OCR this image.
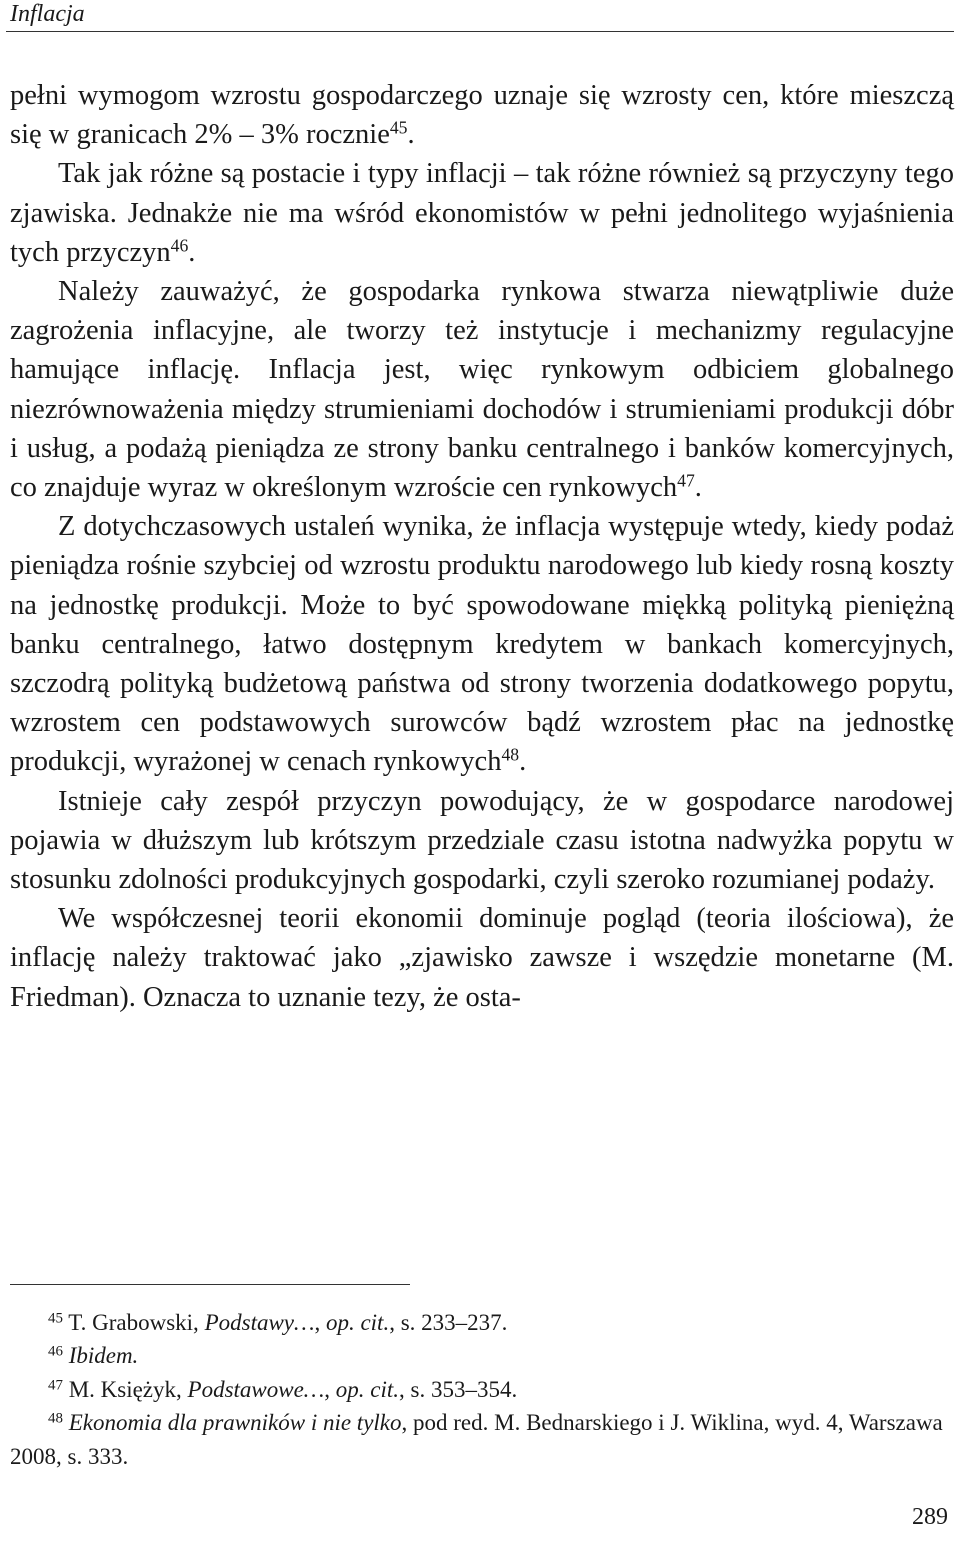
Inflacja

pełni wymogom wzrostu gospodarczego uznaje się wzrosty cen, które mieszczą się w granicach 2% – 3% rocznie$^{45}$.

Tak jak różne są postacie i typy inflacji – tak różne również są przyczyny tego zjawiska. Jednakże nie ma wśród ekonomistów w pełni jednolitego wyjaśnienia tych przyczyn$^{46}$.

Należy zauważyć, że gospodarka rynkowa stwarza niewątpliwie duże zagrożenia inflacyjne, ale tworzy też instytucje i mechanizmy regulacyjne hamujące inflację. Inflacja jest, więc rynkowym odbiciem globalnego niezrównoważenia między strumieniami dochodów i strumieniami produkcji dóbr i usług, a podażą pieniądza ze strony banku centralnego i banków komercyjnych, co znajduje wyraz w określonym wzroście cen rynkowych$^{47}$.

Z dotychczasowych ustaleń wynika, że inflacja występuje wtedy, kiedy podaż pieniądza rośnie szybciej od wzrostu produktu narodowego lub kiedy rosną koszty na jednostkę produkcji. Może to być spowodowane miękką polityką pieniężną banku centralnego, łatwo dostępnym kredytem w bankach komercyjnych, szczodrą polityką budżetową państwa od strony tworzenia dodatkowego popytu, wzrostem cen podstawowych surowców bądź wzrostem płac na jednostkę produkcji, wyrażonej w cenach rynkowych$^{48}$.

Istnieje cały zespół przyczyn powodujący, że w gospodarce narodowej pojawia w dłuższym lub krótszym przedziale czasu istotna nadwyżka popytu w stosunku zdolności produkcyjnych gospodarki, czyli szeroko rozumianej podaży.

We współczesnej teorii ekonomii dominuje pogląd (teoria ilościowa), że inflację należy traktować jako „zjawisko zawsze i wszędzie monetarne (M. Friedman). Oznacza to uznanie tezy, że osta-

$^{45}$ T. Grabowski, Podstawy…, op. cit., s. 233–237.

$^{46}$ Ibidem.

$^{47}$ M. Księżyk, Podstawowe…, op. cit., s. 353–354.

$^{48}$ Ekonomia dla prawników i nie tylko, pod red. M. Bednarskiego i J. Wiklina, wyd. 4, Warszawa 2008, s. 333.

289
